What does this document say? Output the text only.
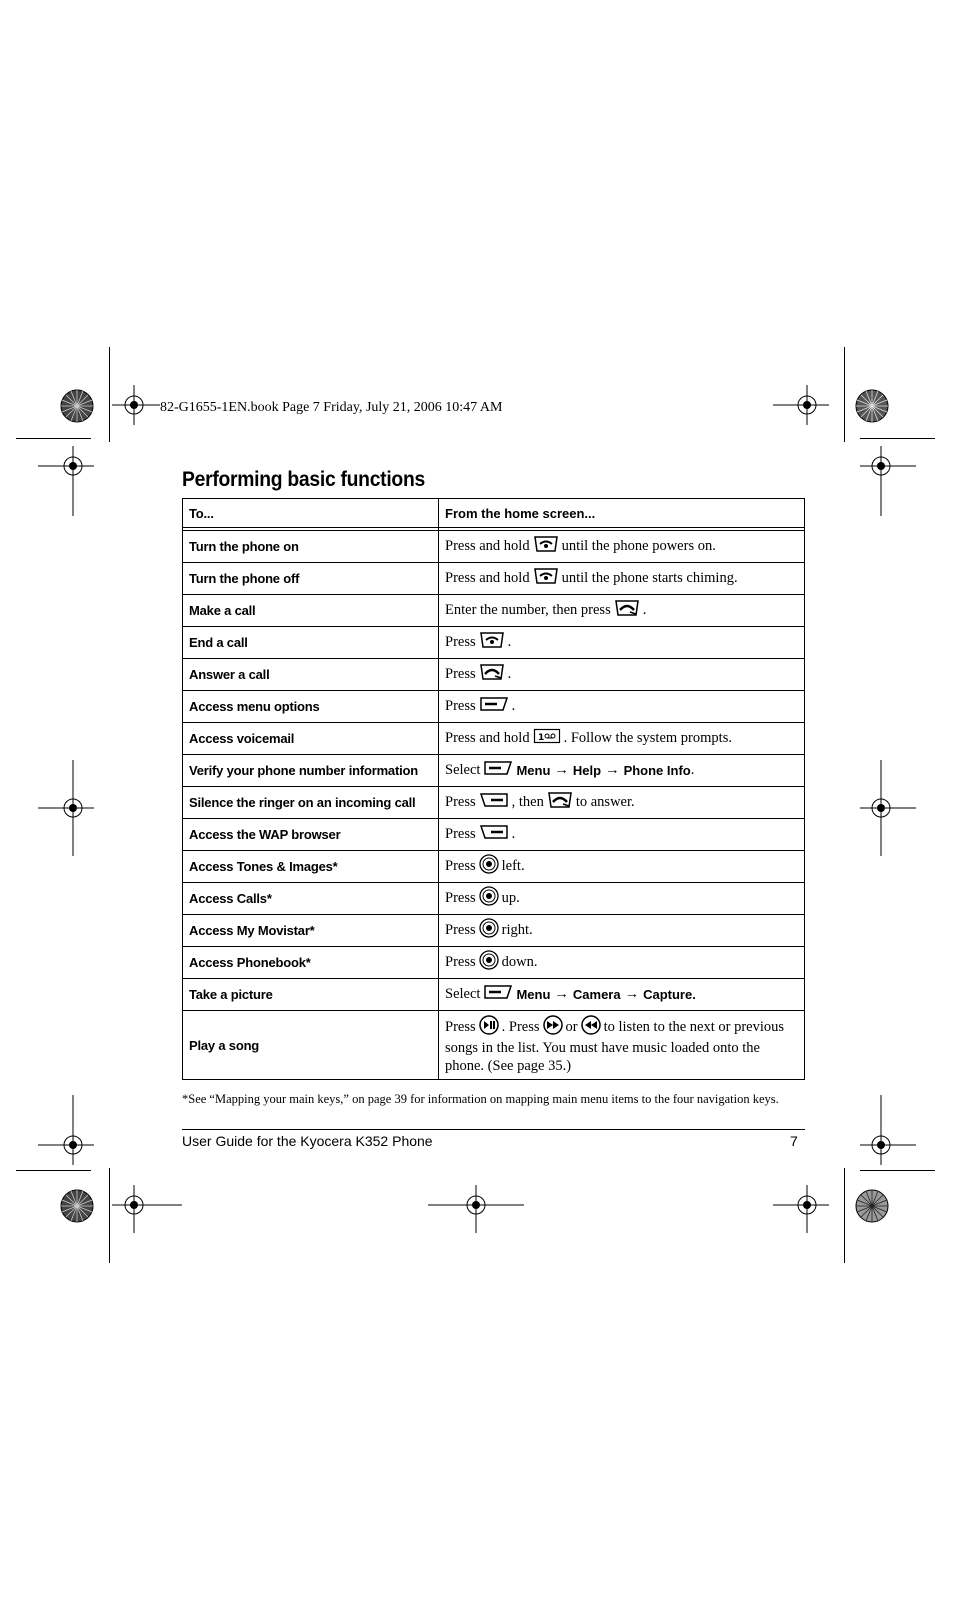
82-G1655-1EN.book Page 7 Friday, July 21, 2006 10:47 AM
Performing basic functions
To...	From the home screen...

Turn the phone on	Press and hold until the phone powers on.
Turn the phone off	Press and hold until the phone starts chiming.
Make a call	Enter the number, then press .
End a call	Press .
Answer a call	Press .
Access menu options	Press .
Access voicemail	Press and hold 1 . Follow the system prompts.
Verify your phone number information	Select Menu → Help → Phone Info.
Silence the ringer on an incoming call	Press , then to answer.
Access the WAP browser	Press .
Access Tones & Images*	Press left.
Access Calls*	Press up.
Access My Movistar*	Press right.
Access Phonebook*	Press down.
Take a picture	Select Menu → Camera → Capture.
Play a song	Press . Press or to listen to the next or previous songs in the list. You must have music loaded onto the phone. (See page 35.)
*See “Mapping your main keys,” on page 39 for information on mapping main menu items to the four navigation keys.
User Guide for the Kyocera K352 Phone	7
